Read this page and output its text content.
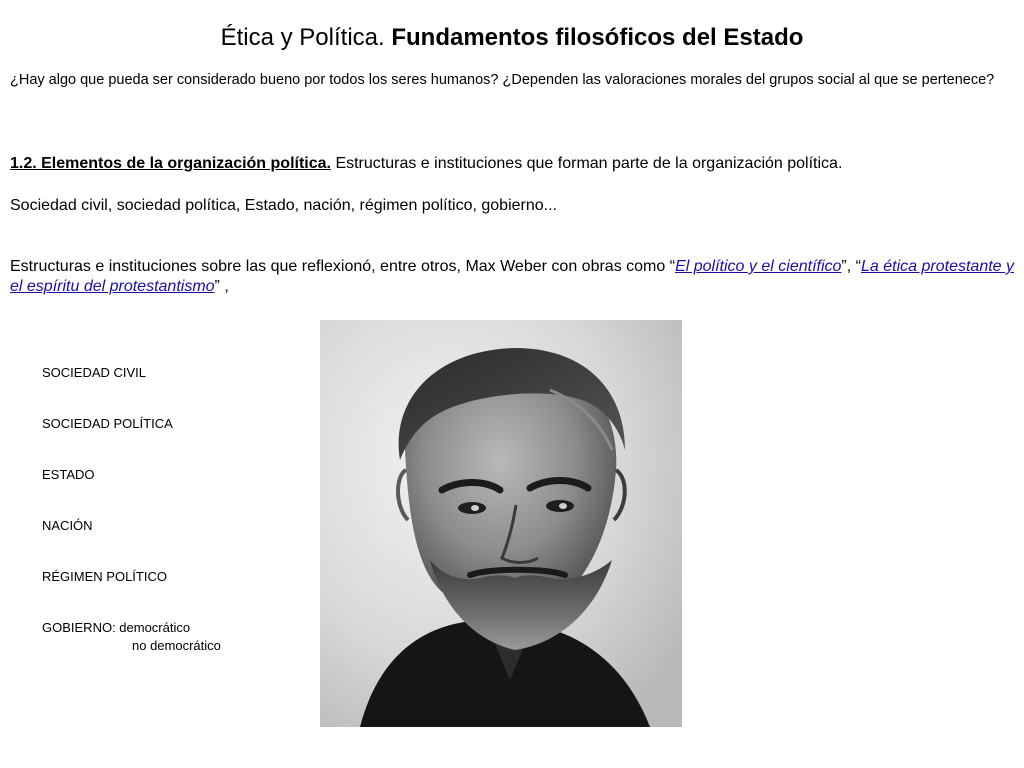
Ética y Política. Fundamentos filosóficos del Estado
¿Hay algo que pueda ser considerado bueno por todos los seres humanos? ¿Dependen las valoraciones morales del grupos social al que se pertenece?
1.2. Elementos de la organización política. Estructuras e instituciones que forman parte de la organización política.
Sociedad civil, sociedad política, Estado, nación, régimen político, gobierno...
Estructuras e instituciones sobre las que reflexionó, entre otros, Max Weber con obras como “El político y el científico”, “La ética protestante y el espíritu del protestantismo” ,
SOCIEDAD CIVIL
SOCIEDAD POLÍTICA
ESTADO
NACIÓN
RÉGIMEN POLÍTICO
GOBIERNO: democrático
no democrático
